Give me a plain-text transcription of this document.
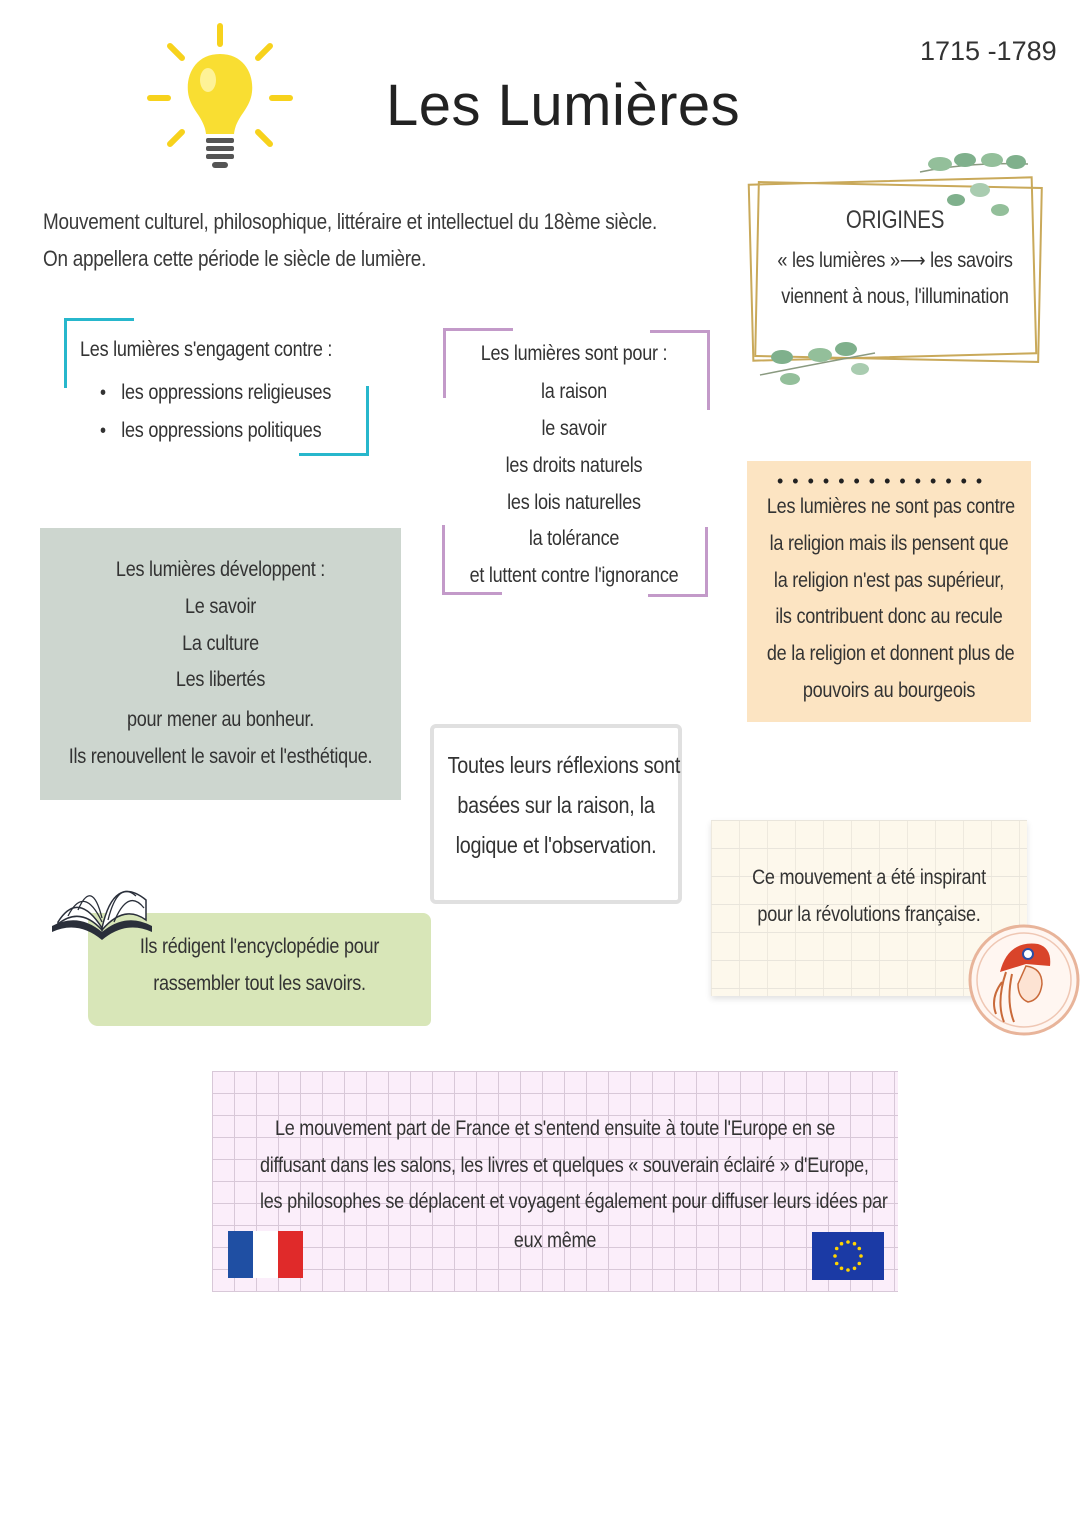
Les Lumières
1715 -1789
Mouvement culturel, philosophique, littéraire et intellectuel du 18ème siècle.
On appellera cette période le siècle de lumière.
ORIGINES
« les lumières »⟶ les savoirs
viennent à nous, l'illumination
Les lumières s'engagent contre :
• les oppressions religieuses
• les oppressions politiques
Les lumières sont pour :
la raison
le savoir
les droits naturels
les lois naturelles
la tolérance
et luttent contre l'ignorance
Les lumières développent :
Le savoir
La culture
Les libertés
pour mener au bonheur.
Ils renouvellent le savoir et l'esthétique.
••••••••••••••
Les lumières ne sont pas contre
la religion mais ils pensent que
la religion n'est pas supérieur,
ils contribuent donc au recule
de la religion et donnent plus de
pouvoirs au bourgeois
Toutes leurs réflexions sont
basées sur la raison, la
logique et l'observation.
Ce mouvement a été inspirant
pour la révolutions française.
Ils rédigent l'encyclopédie pour
rassembler tout les savoirs.
Le mouvement part de France et s'entend ensuite à toute l'Europe en se
diffusant dans les salons, les livres et quelques « souverain éclairé » d'Europe,
les philosophes se déplacent et voyagent également pour diffuser leurs idées par
eux même
